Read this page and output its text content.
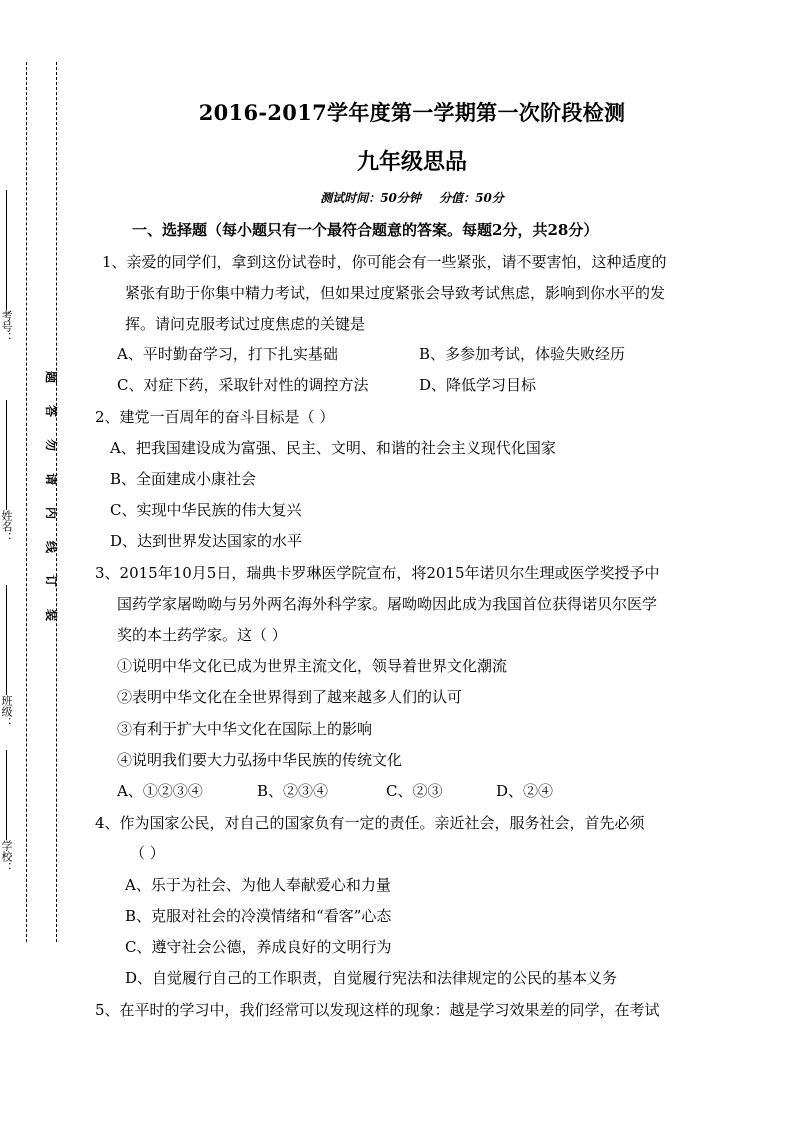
考号：
姓名：
班级：
学校：
题
答
勿
请
内
线
订
装
2016-2017学年度第一学期第一次阶段检测
九年级思品
测试时间：50分钟 分值：50分
一、选择题（每小题只有一个最符合题意的答案。每题2分，共28分）
1、亲爱的同学们，拿到这份试卷时，你可能会有一些紧张，请不要害怕，这种适度的
紧张有助于你集中精力考试，但如果过度紧张会导致考试焦虑，影响到你水平的发
挥。请问克服考试过度焦虑的关键是
A、平时勤奋学习，打下扎实基础	B、多参加考试，体验失败经历
C、对症下药，采取针对性的调控方法	D、降低学习目标
2、建党一百周年的奋斗目标是（ ）
A、把我国建设成为富强、民主、文明、和谐的社会主义现代化国家
B、全面建成小康社会
C、实现中华民族的伟大复兴
D、达到世界发达国家的水平
3、2015年10月5日，瑞典卡罗琳医学院宣布，将2015年诺贝尔生理或医学奖授予中
国药学家屠呦呦与另外两名海外科学家。屠呦呦因此成为我国首位获得诺贝尔医学
奖的本土药学家。这（ ）
①说明中华文化已成为世界主流文化，领导着世界文化潮流
②表明中华文化在全世界得到了越来越多人们的认可
③有利于扩大中华文化在国际上的影响
④说明我们要大力弘扬中华民族的传统文化
A、①②③④	B、②③④	C、②③	D、②④
4、作为国家公民，对自己的国家负有一定的责任。亲近社会，服务社会，首先必须
（ ）
A、乐于为社会、为他人奉献爱心和力量
B、克服对社会的冷漠情绪和“看客”心态
C、遵守社会公德，养成良好的文明行为
D、自觉履行自己的工作职责，自觉履行宪法和法律规定的公民的基本义务
5、在平时的学习中，我们经常可以发现这样的现象：越是学习效果差的同学，在考试
